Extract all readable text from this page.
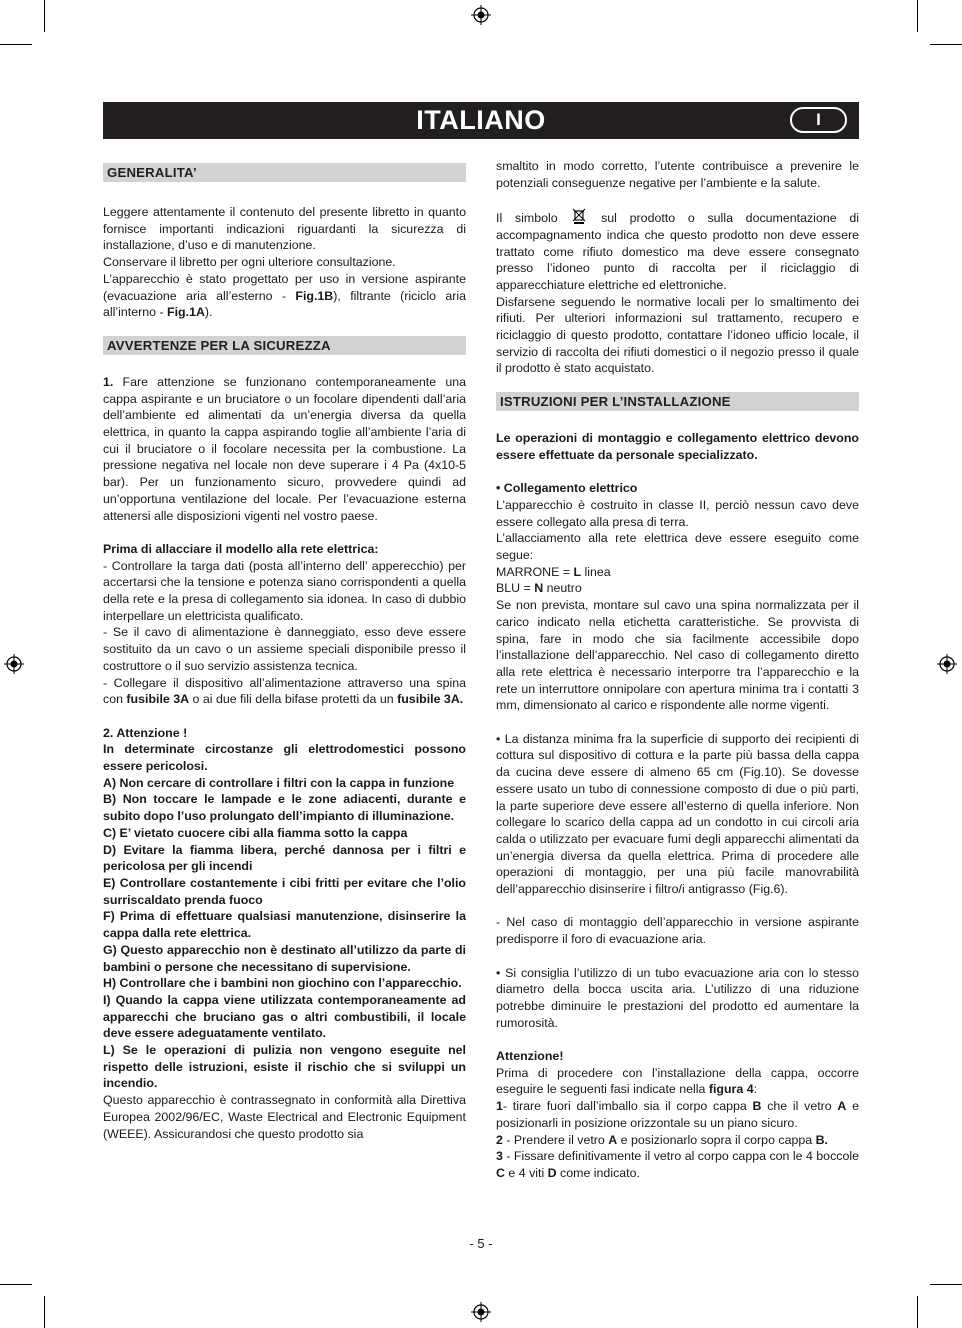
ITALIANO	I
GENERALITA’

Leggere attentamente il contenuto del presente libretto in quanto fornisce importanti indicazioni riguardanti la sicurezza di installazione, d’uso e di manutenzione.

Conservare il libretto per ogni ulteriore consultazione.

L’apparecchio è stato progettato per uso in versione aspirante (evacuazione aria all’esterno - Fig.1B), filtrante (riciclo aria all’interno - Fig.1A).

AVVERTENZE PER LA SICUREZZA

1. Fare attenzione se funzionano contemporaneamente una cappa aspirante e un bruciatore o un focolare dipendenti dall’aria dell’ambiente ed alimentati da un’energia diversa da quella elettrica, in quanto la cappa aspirando toglie all’ambiente l’aria di cui il bruciatore o il focolare necessita per la combustione. La pressione negativa nel locale non deve superare i 4 Pa (4x10-5 bar). Per un funzionamento sicuro, provvedere quindi ad un’opportuna ventilazione del locale. Per l’evacuazione esterna attenersi alle disposizioni vigenti nel vostro paese.

Prima di allacciare il modello alla rete elettrica:

- Controllare la targa dati (posta all’interno dell’ apperecchio) per accertarsi che la tensione e potenza siano corrispondenti a quella della rete e la presa di collegamento sia idonea. In caso di dubbio interpellare un elettricista qualificato.

- Se il cavo di alimentazione è danneggiato, esso deve essere sostituito da un cavo o un assieme speciali disponibile presso il costruttore o il suo servizio assistenza tecnica.

- Collegare il dispositivo all’alimentazione attraverso una spina con fusibile 3A o ai due fili della bifase protetti da un fusibile 3A.

2. Attenzione !

In determinate circostanze gli elettrodomestici possono essere pericolosi.

A) Non cercare di controllare i filtri con la cappa in funzione

B) Non toccare le lampade e le zone adiacenti, durante e subito dopo l’uso prolungato dell’impianto di illuminazione.

C) E’ vietato cuocere cibi alla fiamma sotto la cappa

D) Evitare la fiamma libera, perché dannosa per i filtri e pericolosa per gli incendi

E) Controllare costantemente i cibi fritti per evitare che l’olio surriscaldato prenda fuoco

F) Prima di effettuare qualsiasi manutenzione, disinserire la cappa dalla rete elettrica.

G) Questo apparecchio non è destinato all’utilizzo da parte di bambini o persone che necessitano di supervisione.

H) Controllare che i bambini non giochino con l’apparecchio.

I) Quando la cappa viene utilizzata contemporaneamente ad apparecchi che bruciano gas o altri combustibili, il locale deve essere adeguatamente ventilato.

L) Se le operazioni di pulizia non vengono eseguite nel rispetto delle istruzioni, esiste il rischio che si sviluppi un incendio.

Questo apparecchio è contrassegnato in conformità alla Direttiva Europea 2002/96/EC, Waste Electrical and Electronic Equipment (WEEE). Assicurandosi che questo prodotto sia

smaltito in modo corretto, l’utente contribuisce a prevenire le potenziali conseguenze negative per l’ambiente e la salute.

Il simbolo	sul prodotto o sulla documentazione di accompagnamento indica che questo prodotto non deve essere trattato come rifiuto domestico ma deve essere consegnato presso l’idoneo punto di raccolta per il riciclaggio di apparecchiature elettriche ed elettroniche.

Disfarsene seguendo le normative locali per lo smaltimento dei rifiuti. Per ulteriori informazioni sul trattamento, recupero e riciclaggio di questo prodotto, contattare l’idoneo ufficio locale, il servizio di raccolta dei rifiuti domestici o il negozio presso il quale il prodotto è stato acquistato.

ISTRUZIONI PER L’INSTALLAZIONE

Le operazioni di montaggio e collegamento elettrico devono essere effettuate da personale specializzato.

• Collegamento elettrico

L’apparecchio è costruito in classe II, perciò nessun cavo deve essere collegato alla presa di terra.

L’allacciamento alla rete elettrica deve essere eseguito come segue:

MARRONE = L linea

BLU = N neutro

Se non prevista, montare sul cavo una spina normalizzata per il carico indicato nella etichetta caratteristiche. Se provvista di spina, fare in modo che sia facilmente accessibile dopo l’installazione dell’apparecchio. Nel caso di collegamento diretto alla rete elettrica è necessario interporre tra l’apparecchio e la rete un interruttore onnipolare con apertura minima tra i contatti 3 mm, dimensionato al carico e rispondente alle norme vigenti.

• La distanza minima fra la superficie di supporto dei recipienti di cottura sul dispositivo di cottura e la parte più bassa della cappa da cucina deve essere di almeno 65 cm (Fig.10). Se dovesse essere usato un tubo di connessione composto di due o più parti, la parte superiore deve essere all’esterno di quella inferiore. Non collegare lo scarico della cappa ad un condotto in cui circoli aria calda o utilizzato per evacuare fumi degli apparecchi alimentati da un’energia diversa da quella elettrica. Prima di procedere alle operazioni di montaggio, per una più facile manovrabilità dell’apparecchio disinserire i filtro/i antigrasso (Fig.6).

- Nel caso di montaggio dell’apparecchio in versione aspirante predisporre il foro di evacuazione aria.

• Si consiglia l’utilizzo di un tubo evacuazione aria con lo stesso diametro della bocca uscita aria. L’utilizzo di una riduzione potrebbe diminuire le prestazioni del prodotto ed aumentare la rumorosità.

Attenzione!

Prima di procedere con l’installazione della cappa, occorre eseguire le seguenti fasi indicate nella figura 4:

1- tirare fuori dall’imballo sia il corpo cappa B che il vetro A e posizionarli in posizione orizzontale su un piano sicuro.

2 - Prendere il vetro A e posizionarlo sopra il corpo cappa B.

3 - Fissare definitivamente il vetro al corpo cappa con le 4 boccole C e 4 viti D come indicato.

- 5 -
